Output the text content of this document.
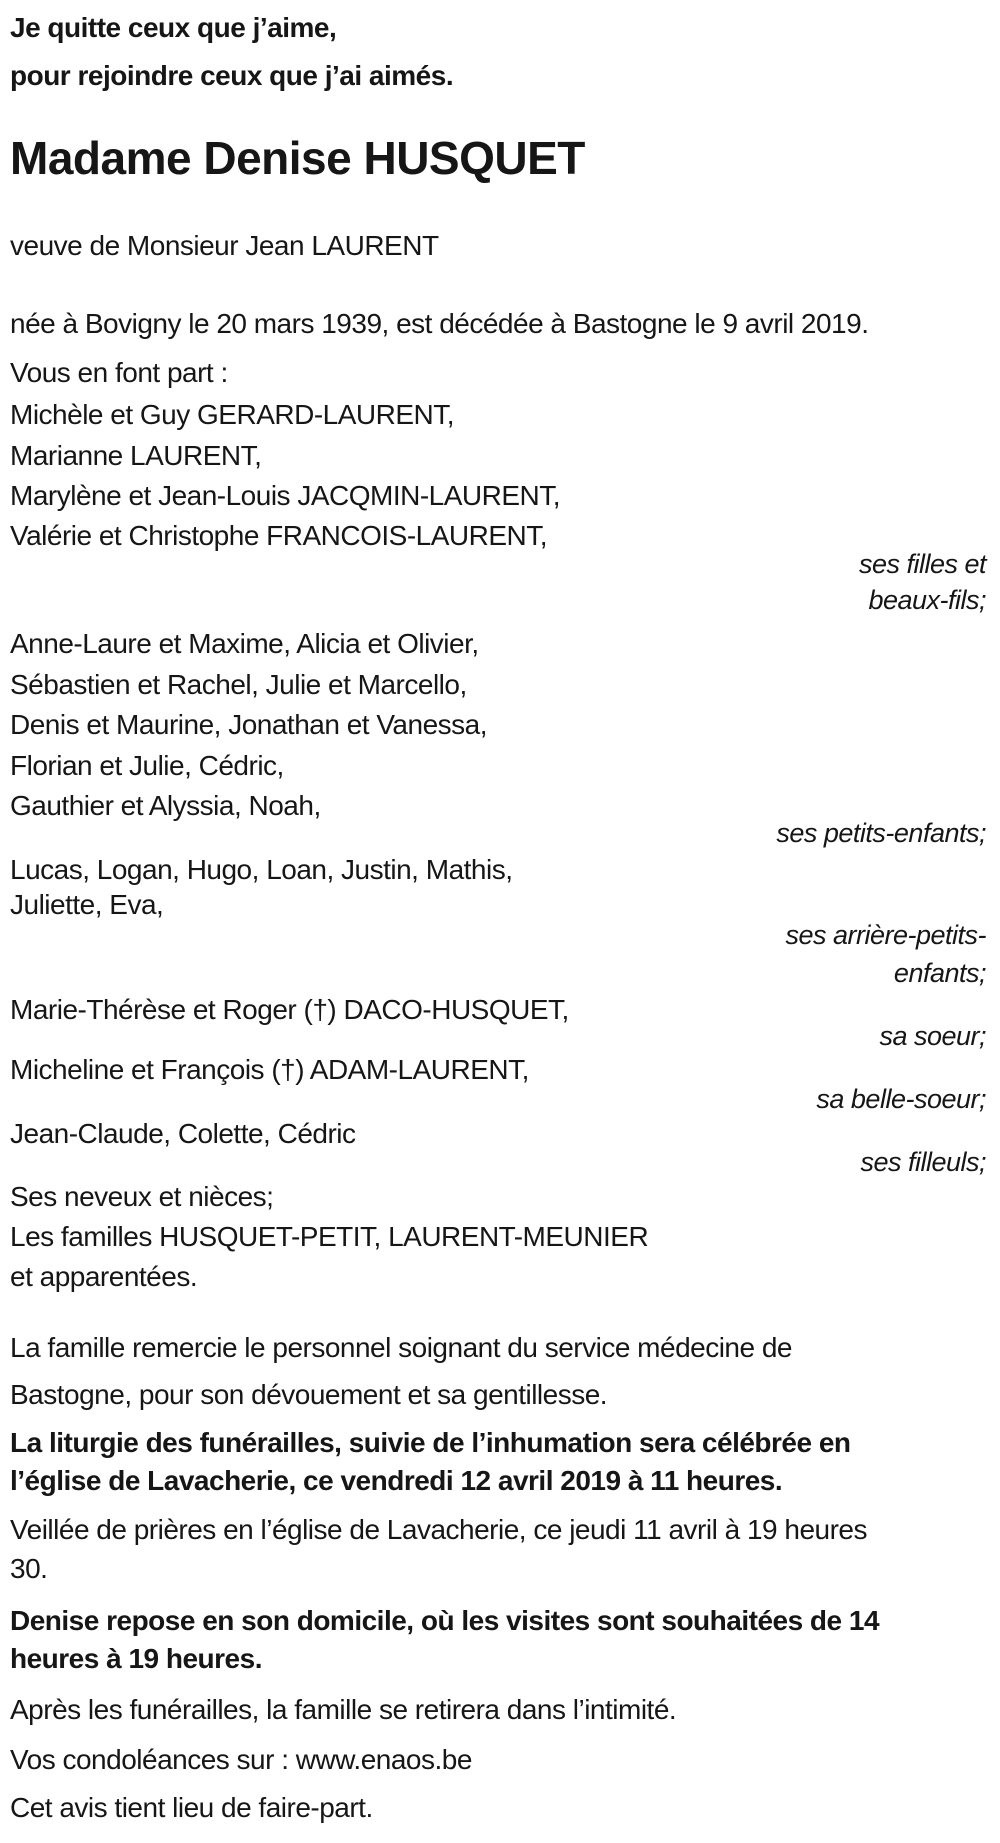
Je quitte ceux que j’aime,
pour rejoindre ceux que j’ai aimés.
Madame Denise HUSQUET
veuve de Monsieur Jean LAURENT
née à Bovigny le 20 mars 1939, est décédée à Bastogne le 9 avril 2019.
Vous en font part :
Michèle et Guy GERARD-LAURENT,
Marianne LAURENT,
Marylène et Jean-Louis JACQMIN-LAURENT,
Valérie et Christophe FRANCOIS-LAURENT,
ses filles et
beaux-fils;
Anne-Laure et Maxime, Alicia et Olivier,
Sébastien et Rachel, Julie et Marcello,
Denis et Maurine, Jonathan et Vanessa,
Florian et Julie, Cédric,
Gauthier et Alyssia, Noah,
ses petits-enfants;
Lucas, Logan, Hugo, Loan, Justin, Mathis,
Juliette, Eva,
ses arrière-petits-
enfants;
Marie-Thérèse et Roger (†) DACO-HUSQUET,
sa soeur;
Micheline et François (†) ADAM-LAURENT,
sa belle-soeur;
Jean-Claude, Colette, Cédric
ses filleuls;
Ses neveux et nièces;
Les familles HUSQUET-PETIT, LAURENT-MEUNIER
et apparentées.
La famille remercie le personnel soignant du service médecine de
Bastogne, pour son dévouement et sa gentillesse.
La liturgie des funérailles, suivie de l’inhumation sera célébrée en
l’église de Lavacherie, ce vendredi 12 avril 2019 à 11 heures.
Veillée de prières en l’église de Lavacherie, ce jeudi 11 avril à 19 heures
30.
Denise repose en son domicile, où les visites sont souhaitées de 14
heures à 19 heures.
Après les funérailles, la famille se retirera dans l’intimité.
Vos condoléances sur : www.enaos.be
Cet avis tient lieu de faire-part.
